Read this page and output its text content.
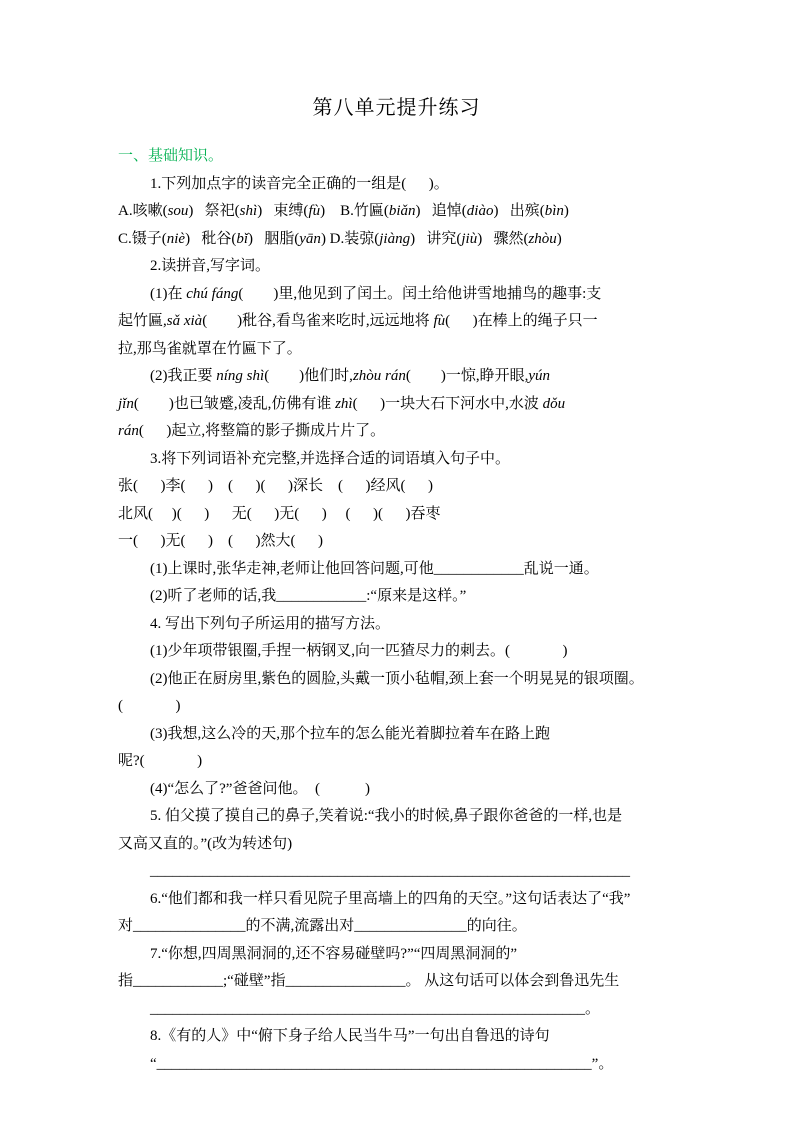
第八单元提升练习
一、基础知识。
1.下列加点字的读音完全正确的一组是(      )。
A.咳嗽(sou)   祭祀(shì)   束缚(fù)    B.竹匾(biǎn)   追悼(diào)   出殡(bìn)
C.镊子(niè)   秕谷(bǐ)   胭脂(yān) D.装弶(jiàng)   讲究(jiù)   骤然(zhòu)
2.读拼音,写字词。
(1)在 chú fáng(        )里,他见到了闰土。闰土给他讲雪地捕鸟的趣事:支
起竹匾,sǎ xià(        )秕谷,看鸟雀来吃时,远远地将 fù(      )在棒上的绳子只一
拉,那鸟雀就罩在竹匾下了。
(2)我正要 níng shì(        )他们时,zhòu rán(        )一惊,睁开眼,yún
jǐn(        )也已皱蹙,凌乱,仿佛有谁 zhì(      )一块大石下河水中,水波 dǒu
rán(      )起立,将整篇的影子撕成片片了。
3.将下列词语补充完整,并选择合适的词语填入句子中。
张(      )李(      )    (      )(      )深长    (      )经风(      )
北风(     )(      )      无(      )无(      )     (      )(      )吞枣
一(      )无(      )    (      )然大(      )
(1)上课时,张华走神,老师让他回答问题,可他____________乱说一通。
(2)听了老师的话,我____________:“原来是这样。”
4. 写出下列句子所运用的描写方法。
(1)少年项带银圈,手捏一柄钢叉,向一匹猹尽力的刺去。(              )
(2)他正在厨房里,紫色的圆脸,头戴一顶小毡帽,颈上套一个明晃晃的银项圈。
(              )
(3)我想,这么冷的天,那个拉车的怎么能光着脚拉着车在路上跑
呢?(              )
(4)“怎么了?”爸爸问他。  (            )
5. 伯父摸了摸自己的鼻子,笑着说:“我小的时候,鼻子跟你爸爸的一样,也是
又高又直的。”(改为转述句)
________________________________________________________________
6.“他们都和我一样只看见院子里高墙上的四角的天空。”这句话表达了“我”
对_______________的不满,流露出对_______________的向往。
7.“你想,四周黑洞洞的,还不容易碰壁吗?”“四周黑洞洞的”
指____________;“碰壁”指________________。 从这句话可以体会到鲁迅先生
__________________________________________________________。
8.《有的人》中“俯下身子给人民当牛马”一句出自鲁迅的诗句
“__________________________________________________________”。
